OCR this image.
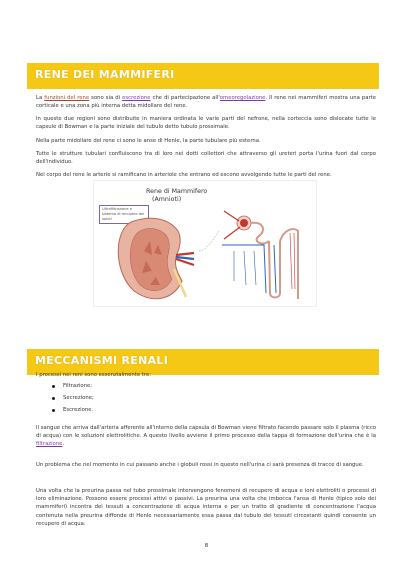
RENE DEI MAMMIFERI

La funzioni del rene sono sia di escrezione che di partecipazione all'omeoregolazione. Il rene nei mammiferi mostra una parte corticale e una zona più interna detta midollare del rene.

In queste due regioni sono distribuite in maniera ordinata le varie parti del nefrone, nella corteccia sono dislocate tutte le capsule di Bowman e la parte iniziale del tubulo detto tubulo prossimale.

Nella parte midollare del rene ci sono le anse di Henle, la parte tubulare più esterna.

Tutte le strutture tubulari confluiscono tra di loro nei dotti collettori che attraverso gli ureteri porta l'urina fuori dal corpo dell'individuo.

Nel corpo del rene le arterie si ramificano in arteriole che entrano ed escono avvolgendo tutte le parti del rene.

Rene di Mammifero
(Amnioti)
Ultrafiltrazione e sistema di recupero dei soluti
MECCANISMI RENALI

I processi nei reni sono essenzialmente tre:

Filtrazione;
Secrezione;
Escrezione.

Il sangue che arriva dall'arteria afferente all'interno della capsula di Bowman viene filtrato facendo passare solo il plasma (ricco di acqua) con le soluzioni elettrolitiche. A questo livello avviene il primo processo della tappa di formazione dell'urina che è la filtrazione.

Un problema che nel momento in cui passano anche i globuli rossi in questo nell'urina ci sarà presenza di tracce di sangue.

Una volta che la preurina passa nel tubo prossimale intervengono fenomeni di recupero di acqua e ioni elettroliti o processi di loro eliminazione. Possono essere processi attivi o passivi. La preurina una volta che imbocca l'ansa di Henle (tipico solo dei mammiferi) incontra dei tessuti a concentrazione di acqua interna e per un tratto di gradiente di concentrazione l'acqua contenuta nella preurina diffonde di Henle necessariamente essa passa dal tubulo dei tessuti circostanti quindi consente un recupero di acqua.

8
